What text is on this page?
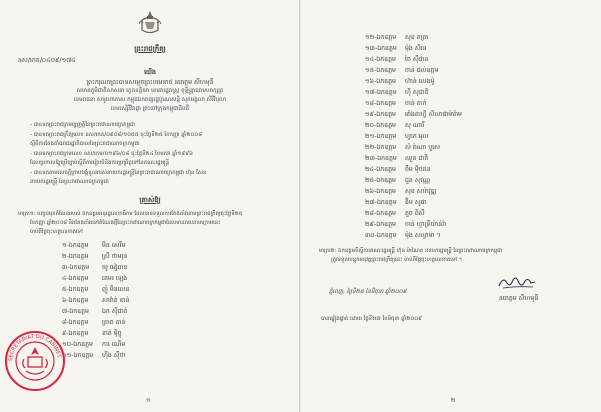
ព្រះរាជក្រឹត្យ
នស/រកត/០៤០៩/១៧៤
យើង
ព្រះករុណាព្រះបាទសម្តេចព្រះបរមនាថ នរោត្តម សីហមុនី
សមានភូមិជាតិសាសនា រក្ខតខត្តិយា ខេមរារដ្ឋរាស្ត្រ ពុទ្ធិន្ទ្រាធរាមហាក្សត្រ
ខេមរាជនា សមូហោភាស កម្ពុជឯករាជ្យរដ្ឋបូរណសន្តិ សុភមង្គលា សិរីវិបុលា
ខេមរស្សិរីវិរាជ្ញា ព្រះចៅក្រុងកម្ពុជាធិបតី
- បានទតព្រះរាជក្រមប្បញ្ញត្តិនៃព្រះរាជាណាចក្រកម្ពុជា
- បានទតព្រះរាជក្រឹត្យលេខ នស/រកត/០៩០៨/១០៥៥ ចុះថ្ងៃទី២៥ ខែកញ្ញា ឆ្នាំ២០០៨
ស្តីពីការតែងតាំងរាជរដ្ឋាភិបាលនៃព្រះរាជាណាចក្រកម្ពុជា
- បានទតព្រះរាជក្រមលេខ នស/រកម/០១៩៦/០៨ ចុះថ្ងៃទី២៤ ខែមករា ឆ្នាំ១៩៩៦
ដែលប្រកាសឱ្យប្រើច្បាប់ស្តីពីការរៀបចំនិងការប្រព្រឹត្តទៅនៃគណៈរដ្ឋមន្ត្រី
- បានទតតាមសេចក្តីក្រាបបង្គំទូលរបស់នាយករដ្ឋមន្ត្រីនៃព្រះរាជាណាចក្រកម្ពុជា ហ៊ុន សែន
នាយករដ្ឋមន្ត្រី នៃព្រះរាជាណាចក្រកម្ពុជា
ត្រាស់ឱ្យ
មាត្រា១: បញ្ចប់មុខតំណែងរបស់ ឯកឧត្តមអនុរដ្ឋលេខាធិការ ដែលបានទទួលការតែងតាំងតាមព្រះរាជក្រឹត្យចុះថ្ងៃទី២៥
ខែកញ្ញា ឆ្នាំ២០០៨ និងតែងតាំងទៅតំណែងថ្មីនៃព្រះរាជាណាចក្រកម្ពុជាដែលមានរាយនាមក្រោមនេះ
ចាប់ពីថ្ងៃចុះហត្ថលេខាតទៅ
១-ឯកឧត្តម មិន សេរីម
២-ឯកឧត្តម ស្រី ថាមរុន
៣-ឯកឧត្តម យូ អៀឆាន
៤-ឯកឧត្តម គេមរ ឡេង
៥-ឯកឧត្តម ញ៉ូ មិនលេខ
៦-ឯកឧត្តម សាវ៉ាត់ ខាន់
៧-ឯកឧត្តម ឯក ស៊ីផាត់
៨-ឯកឧត្តម គ្រាត តាន់
៩-ឯកឧត្តម ខាត់ ម៉ិច្ចុ
១០-ឯកឧត្តម ការ ណើម
១១-ឯកឧត្តម ហ៊ីង ស៊ីថា
SECRETARIAT DU CABINET
១
១២-ឯកឧត្តម សុខ គត្រា
១៣-ឯកឧត្តម ម៉ុង សិរន
១៤-ឯកឧត្តម ចៃ ស៊ីផាន
១៥-ឯកឧត្តម ចាន់ ផល់ឧត្តម
១៦-ឯកឧត្តម ហ៊ាន់ លេងម៉ូ
១៧-ឯកឧត្តម ហ៊ី សុជាតិ
១៨-ឯកឧត្តម ចាន់ តាក់
១៩-ឯកឧត្តម អាំងតាហ្វិ សិលាផាម៉ារ៉ាម
២០-ឯកឧត្តម សុ ណារី
២១-ឯកឧត្តម ហ្វាក អុល
២២-ឯកឧត្តម សំ រ៉ាណា បូសេ
២៣-ឯកឧត្តម ឈួន ជាតិ
២៤-ឯកឧត្តម ពឹម ម៉ិថឥន
២៥-ឯកឧត្តម ជួន សុវណ្ណ
២៦-ឯកឧត្តម សុខ សារ៉ាវុឌ្ឍ
២៧-ឯកឧត្តម ខ៊ិម សូផា
២៨-ឯកឧត្តម តួច ពិសី
២៩-ឯកឧត្តម ចាន់ ហ្គាទ្រីយ៉ាន់រ៉ា
៣០-ឯកឧត្តម ម៉ុង សល្លាមា ។
មាត្រា២: ឯកឧត្តមទីស្តីការគណៈរដ្ឋមន្ត្រី ហ៊ុន ម៉ាណែត នាយករដ្ឋមន្ត្រី នៃព្រះរាជាណាចក្រកម្ពុជា
ត្រូវទទួលបន្ទុកអនុវត្តព្រះរាជក្រឹត្យនេះ ចាប់ពីថ្ងៃចុះហត្ថលេខាតទៅ ។
ភ្នំពេញ, ថ្ងៃទី២៥ ខែមិថុនា ឆ្នាំ២០០៩
នរោត្តម សីហមុនី
បានផ្ទៀងផ្ទាត់ ដោយ ថ្ងៃទី២៧ ខែមិថុនា ឆ្នាំ២០០៩
២
